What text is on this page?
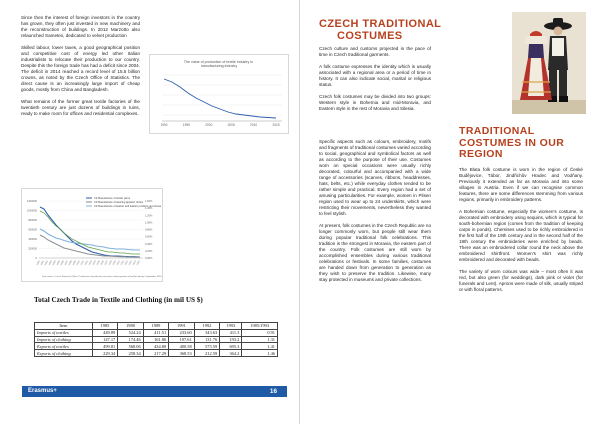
Since then the interest of foreign investors in the country has grown, they often just invested in new machinery and the reconstruction of buildings. In 2012 Marzotto also relaunched Sametex, dedicated to velvet production

Skilled labour, lower taxes, a good geographical position and competitive cost of energy led other Italian industrialists to relocate their production to our country. Despite this the foreign trade has had a deficit since 2004. The deficit in 2014 reached a record level of 15.5 billion crowns, as noted by the Czech Office of Statistics. The direct cause is an increasingly large import of cheap goods, mostly from China and Bangladesh.

What remains of the former great textile factories of the twentieth century are just dozens of buildings in ruins, ready to make room for offices and residential complexes.

The value of production of textile industry in manufacturing industry
1990	1995	2000	2005	2010	2015
0
200000
400000
600000
800000
1000000
1200000
0,00%
0,20%
0,40%
0,60%
0,80%
1,00%
1,20%
1,40%
1,60%
1990 1991 1992 1993 1994 1995 1996 1997 1998 1999 2000 2001 2002 2003 2004 2005 2006 2007 2008 2009 2010 2011 2012 2013 2014 2015
CZ Manufacture of textile yarns
CZ Manufacture of wearing apparel, shoes
CZ Manufacture of leather and leather products and shoes
Data source: Czech Statistical Office. Production of production structures and proportion of textile industry, September 2016
Total Czech Trade in Textile and Clothing (in mil US $)
Item	1985	1988	1989	1991	1992	1993	1985/1993
Imports of textiles	449.89	524.24	411.51	233.60	343.63	411.3	0.91
Imports of clothing	147.17	174.46	161.86	107.61	131.76	193.2	1.31
Exports of textiles	499.81	568.06	434.80	400.58	575.59	695.3	1.41
Exports of clothing	229.34	258.34	217.29	368.53	212.59	364.2	1.46
Erasmus+	16
CZECH TRADITIONAL
COSTUMES

Czech culture and customs projected in the pace of time in Czech traditional garments.

A folk costume expresses the identity which is usually associated with a regional area or a period of time in history. It can also indicate social, marital or religious status.

Czech folk costumes may be divided into two groups: Western style in Bohemia and mid-Moravia, and Eastern style in the rest of Moravia and Silesia.

Specific aspects such as colours, embroidery, motifs and fragments of traditional costumes varied according to social, geographical and symbolical factors as well as according to the purpose of their use. Costumes worn on special occasions were usually richly decorated, colourful and accompanied with a wide range of accessories (scarves, ribbons, headdresses, hats, belts, etc.) while everyday clothes tended to be rather simple and practical. Every region had a set of amusing particularities. For example, women in Pilsen region used to wear up to 24 underskirts, which were restricting their movements, nevertheless they wanted to feel stylish.

At present, folk costumes in the Czech Republic are no longer commonly worn, but people still wear them during popular traditional folk celebrations. This tradition is the strongest in Moravia, the eastern part of the country. Folk costumes are still worn by accomplished ensembles during various traditional celebrations or festivals. In some families, costumes are handed down from generation to generation as they wish to preserve the tradition. Likewise, many stay protected in museums and private collections.

TRADITIONAL
COSTUMES IN OUR
REGION

The Blata folk costume is worn in the region of České Budějovice, Tábor, Jindřichův Hradec and Vodňany. Previously it extended as far as Moravia and into some villages in Austria. Even if we can recognise common features, there are some differences stemming from various regions, primarily in embroidery patterns.

A Bohemian costume, especially the women's costume, is decorated with embroidery using sequins, which is typical for south-bohemian region (comes from the tradition of keeping carps in ponds). Chemises used to be richly embroidered in the first half of the 19th century and in the second half of the 19th century the embroideries were enriched by beads. There was an embroidered collar round the neck above the embroidered shirtfront. Women's shirt was richly embroidered and decorated with beads.

The variety of worn colours was wide – most often it was red, but also green (for weddings), dark pink or violet (for funerals and Lent). Aprons were made of silk, usually striped or with floral patterns.
